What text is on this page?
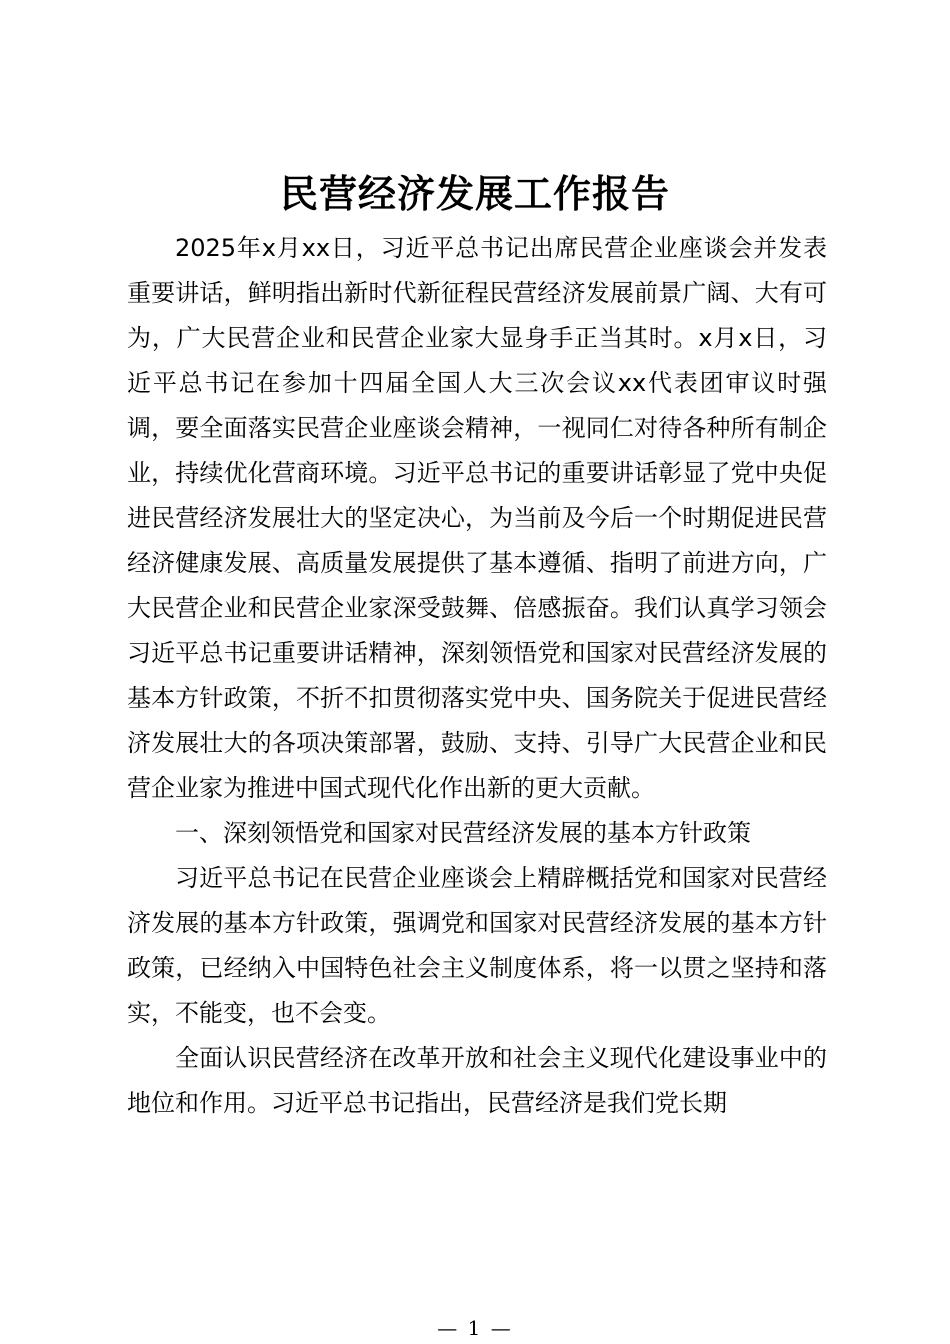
民营经济发展工作报告

2025年x月xx日，习近平总书记出席民营企业座谈会并发表重要讲话，鲜明指出新时代新征程民营经济发展前景广阔、大有可为，广大民营企业和民营企业家大显身手正当其时。x月x日，习近平总书记在参加十四届全国人大三次会议xx代表团审议时强调，要全面落实民营企业座谈会精神，一视同仁对待各种所有制企业，持续优化营商环境。习近平总书记的重要讲话彰显了党中央促进民营经济发展壮大的坚定决心，为当前及今后一个时期促进民营经济健康发展、高质量发展提供了基本遵循、指明了前进方向，广大民营企业和民营企业家深受鼓舞、倍感振奋。我们认真学习领会习近平总书记重要讲话精神，深刻领悟党和国家对民营经济发展的基本方针政策，不折不扣贯彻落实党中央、国务院关于促进民营经济发展壮大的各项决策部署，鼓励、支持、引导广大民营企业和民营企业家为推进中国式现代化作出新的更大贡献。

一、深刻领悟党和国家对民营经济发展的基本方针政策

习近平总书记在民营企业座谈会上精辟概括党和国家对民营经济发展的基本方针政策，强调党和国家对民营经济发展的基本方针政策，已经纳入中国特色社会主义制度体系，将一以贯之坚持和落实，不能变，也不会变。

全面认识民营经济在改革开放和社会主义现代化建设事业中的地位和作用。习近平总书记指出，民营经济是我们党长期

— 1 —
